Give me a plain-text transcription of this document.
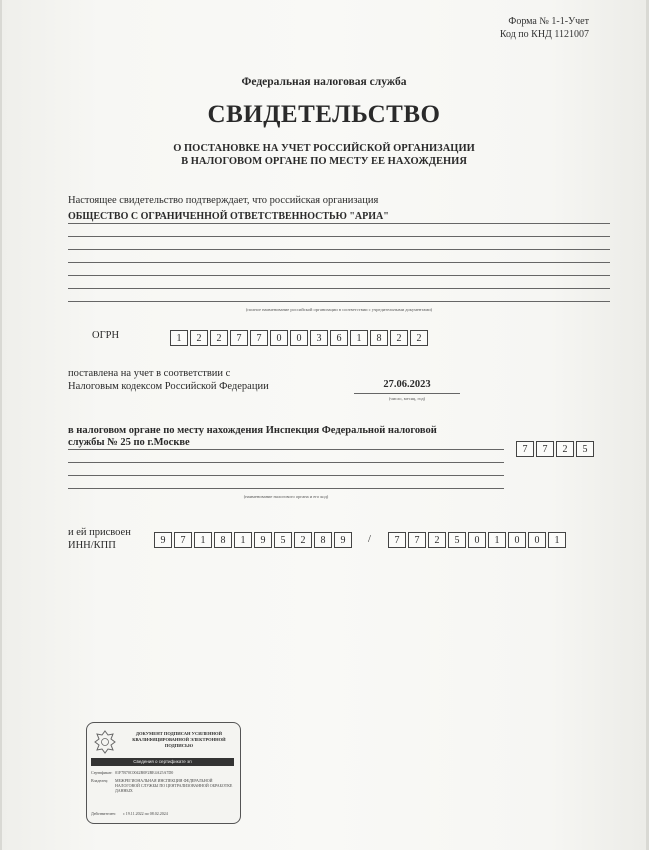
Форма № 1-1-Учет
Код по КНД 1121007
Федеральная налоговая служба
СВИДЕТЕЛЬСТВО
О ПОСТАНОВКЕ НА УЧЕТ РОССИЙСКОЙ ОРГАНИЗАЦИИ
В НАЛОГОВОМ ОРГАНЕ ПО МЕСТУ ЕЕ НАХОЖДЕНИЯ
Настоящее свидетельство подтверждает, что российская организация
ОБЩЕСТВО С ОГРАНИЧЕННОЙ ОТВЕТСТВЕННОСТЬЮ "АРИА"
(полное наименование российской организации в соответствии с учредительными документами)
ОГРН	1	2	2	7	7	0	0	3	6	1	8	2	2
поставлена на учет в соответствии с
Налоговым кодексом Российской Федерации	27.06.2023
(число, месяц, год)
в налоговом органе по месту нахождения Инспекция Федеральной налоговой
службы № 25 по г.Москве
(наименование налогового органа и его код)
7	7	2	5
и ей присвоен
ИНН/КПП	9	7	1	8	1	9	5	2	8	9	/	7	7	2	5	0	1	0	0	1
ДОКУМЕНТ ПОДПИСАН УСИЛЕННОЙ КВАЛИФИЦИРОВАННОЙ ЭЛЕКТРОННОЙ ПОДПИСЬЮ
Сведения о сертификате эп
Сертификат: 01F7B70C0042B0F2BE4A25A7D0
Владелец: МЕЖРЕГИОНАЛЬНАЯ ИНСПЕКЦИЯ ФЕДЕРАЛЬНОЙ НАЛОГОВОЙ СЛУЖБЫ ПО ЦЕНТРАЛИЗОВАННОЙ ОБРАБОТКЕ ДАННЫХ
Действителен: с 19.11.2022 по 08.02.2024
